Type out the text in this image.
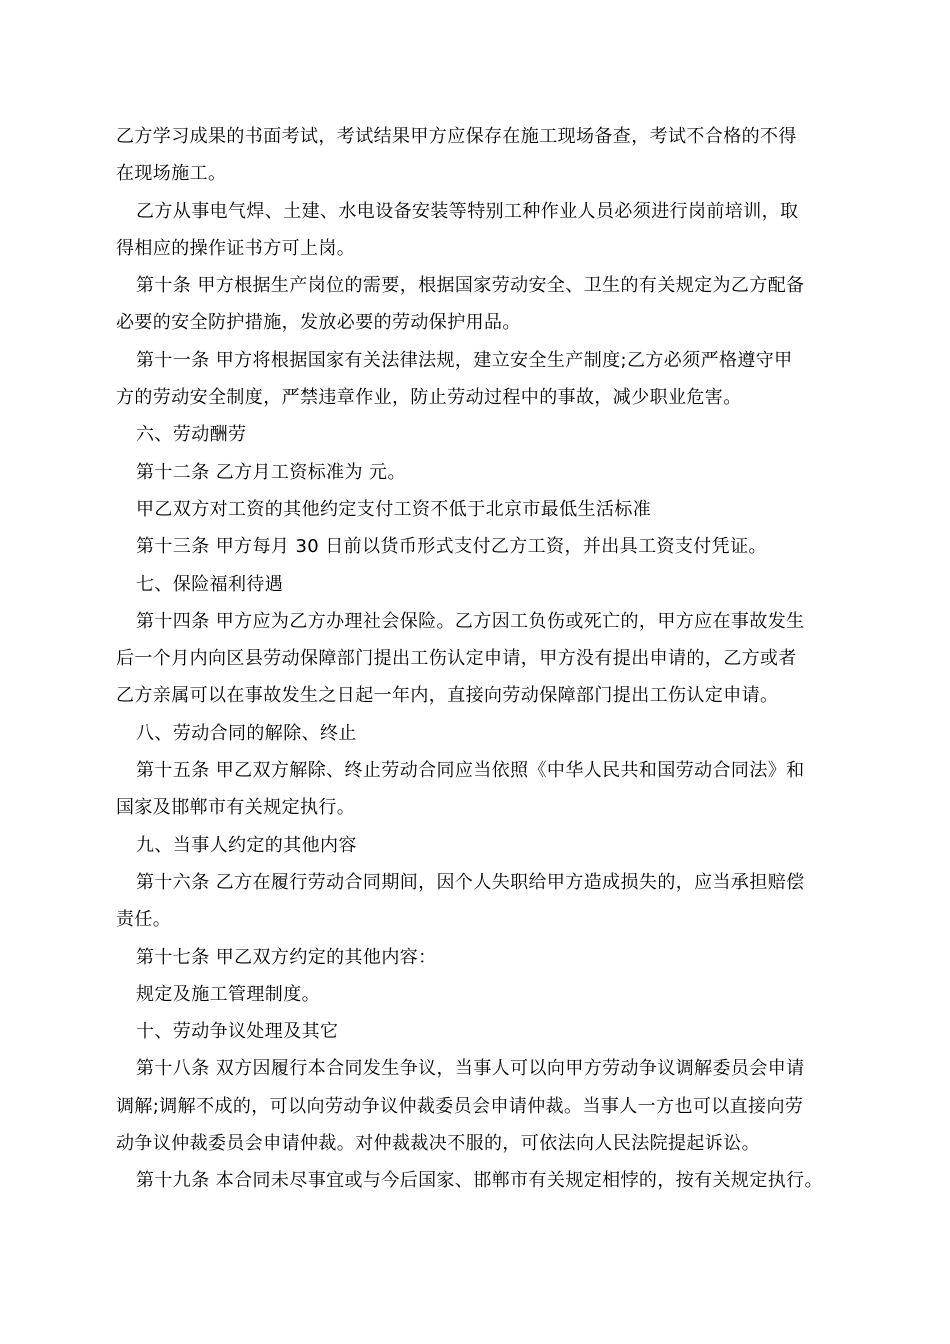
乙方学习成果的书面考试，考试结果甲方应保存在施工现场备查，考试不合格的不得
在现场施工。

乙方从事电气焊、土建、水电设备安装等特别工种作业人员必须进行岗前培训，取
得相应的操作证书方可上岗。

第十条 甲方根据生产岗位的需要，根据国家劳动安全、卫生的有关规定为乙方配备
必要的安全防护措施，发放必要的劳动保护用品。

第十一条 甲方将根据国家有关法律法规，建立安全生产制度;乙方必须严格遵守甲
方的劳动安全制度，严禁违章作业，防止劳动过程中的事故，减少职业危害。

六、劳动酬劳

第十二条 乙方月工资标准为 元。

甲乙双方对工资的其他约定支付工资不低于北京市最低生活标准

第十三条 甲方每月 30 日前以货币形式支付乙方工资，并出具工资支付凭证。

七、保险福利待遇

第十四条 甲方应为乙方办理社会保险。乙方因工负伤或死亡的，甲方应在事故发生
后一个月内向区县劳动保障部门提出工伤认定申请，甲方没有提出申请的，乙方或者
乙方亲属可以在事故发生之日起一年内，直接向劳动保障部门提出工伤认定申请。

八、劳动合同的解除、终止

第十五条 甲乙双方解除、终止劳动合同应当依照《中华人民共和国劳动合同法》和
国家及邯郸市有关规定执行。

九、当事人约定的其他内容

第十六条 乙方在履行劳动合同期间，因个人失职给甲方造成损失的，应当承担赔偿
责任。

第十七条 甲乙双方约定的其他内容：

规定及施工管理制度。

十、劳动争议处理及其它

第十八条 双方因履行本合同发生争议，当事人可以向甲方劳动争议调解委员会申请
调解;调解不成的，可以向劳动争议仲裁委员会申请仲裁。当事人一方也可以直接向劳
动争议仲裁委员会申请仲裁。对仲裁裁决不服的，可依法向人民法院提起诉讼。

第十九条 本合同未尽事宜或与今后国家、邯郸市有关规定相悖的，按有关规定执行。
